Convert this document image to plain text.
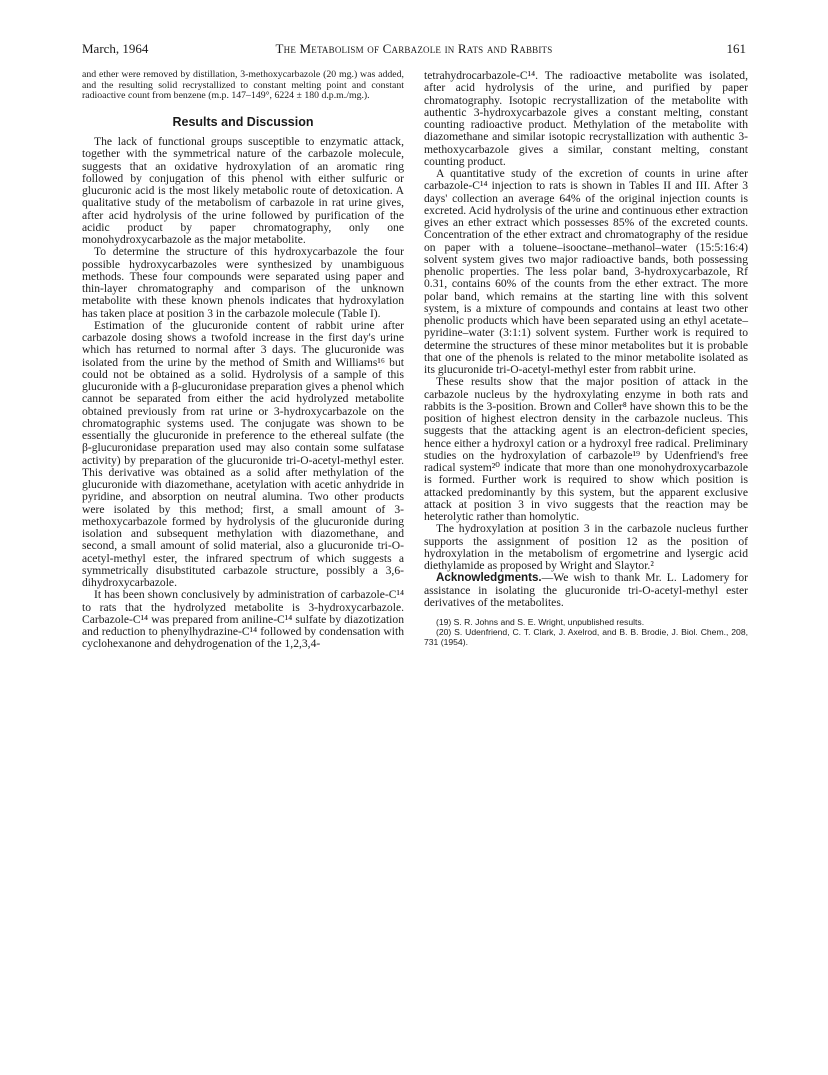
March, 1964	The Metabolism of Carbazole in Rats and Rabbits	161

and ether were removed by distillation, 3-methoxycarbazole (20 mg.) was added, and the resulting solid recrystallized to constant melting point and constant radioactive count from benzene (m.p. 147–149°, 6224 ± 180 d.p.m./mg.).

Results and Discussion

The lack of functional groups susceptible to enzymatic attack, together with the symmetrical nature of the carbazole molecule, suggests that an oxidative hydroxylation of an aromatic ring followed by conjugation of this phenol with either sulfuric or glucuronic acid is the most likely metabolic route of detoxication. A qualitative study of the metabolism of carbazole in rat urine gives, after acid hydrolysis of the urine followed by purification of the acidic product by paper chromatography, only one monohydroxycarbazole as the major metabolite.

To determine the structure of this hydroxycarbazole the four possible hydroxycarbazoles were synthesized by unambiguous methods. These four compounds were separated using paper and thin-layer chromatography and comparison of the unknown metabolite with these known phenols indicates that hydroxylation has taken place at position 3 in the carbazole molecule (Table I).

Estimation of the glucuronide content of rabbit urine after carbazole dosing shows a twofold increase in the first day's urine which has returned to normal after 3 days. The glucuronide was isolated from the urine by the method of Smith and Williams¹⁶ but could not be obtained as a solid. Hydrolysis of a sample of this glucuronide with a β-glucuronidase preparation gives a phenol which cannot be separated from either the acid hydrolyzed metabolite obtained previously from rat urine or 3-hydroxycarbazole on the chromatographic systems used. The conjugate was shown to be essentially the glucuronide in preference to the ethereal sulfate (the β-glucuronidase preparation used may also contain some sulfatase activity) by preparation of the glucuronide tri-O-acetyl-methyl ester. This derivative was obtained as a solid after methylation of the glucuronide with diazomethane, acetylation with acetic anhydride in pyridine, and absorption on neutral alumina. Two other products were isolated by this method; first, a small amount of 3-methoxycarbazole formed by hydrolysis of the glucuronide during isolation and subsequent methylation with diazomethane, and second, a small amount of solid material, also a glucuronide tri-O-acetyl-methyl ester, the infrared spectrum of which suggests a symmetrically disubstituted carbazole structure, possibly a 3,6-dihydroxycarbazole.

It has been shown conclusively by administration of carbazole-C¹⁴ to rats that the hydrolyzed metabolite is 3-hydroxycarbazole. Carbazole-C¹⁴ was prepared from aniline-C¹⁴ sulfate by diazotization and reduction to phenylhydrazine-C¹⁴ followed by condensation with cyclohexanone and dehydrogenation of the 1,2,3,4-

tetrahydrocarbazole-C¹⁴. The radioactive metabolite was isolated, after acid hydrolysis of the urine, and purified by paper chromatography. Isotopic recrystallization of the metabolite with authentic 3-hydroxycarbazole gives a constant melting, constant counting radioactive product. Methylation of the metabolite with diazomethane and similar isotopic recrystallization with authentic 3-methoxycarbazole gives a similar, constant melting, constant counting product.

A quantitative study of the excretion of counts in urine after carbazole-C¹⁴ injection to rats is shown in Tables II and III. After 3 days' collection an average 64% of the original injection counts is excreted. Acid hydrolysis of the urine and continuous ether extraction gives an ether extract which possesses 85% of the excreted counts. Concentration of the ether extract and chromatography of the residue on paper with a toluene–isooctane–methanol–water (15:5:16:4) solvent system gives two major radioactive bands, both possessing phenolic properties. The less polar band, 3-hydroxycarbazole, Rf 0.31, contains 60% of the counts from the ether extract. The more polar band, which remains at the starting line with this solvent system, is a mixture of compounds and contains at least two other phenolic products which have been separated using an ethyl acetate–pyridine–water (3:1:1) solvent system. Further work is required to determine the structures of these minor metabolites but it is probable that one of the phenols is related to the minor metabolite isolated as its glucuronide tri-O-acetyl-methyl ester from rabbit urine.

These results show that the major position of attack in the carbazole nucleus by the hydroxylating enzyme in both rats and rabbits is the 3-position. Brown and Coller⁸ have shown this to be the position of highest electron density in the carbazole nucleus. This suggests that the attacking agent is an electron-deficient species, hence either a hydroxyl cation or a hydroxyl free radical. Preliminary studies on the hydroxylation of carbazole¹⁹ by Udenfriend's free radical system²⁰ indicate that more than one monohydroxycarbazole is formed. Further work is required to show which position is attacked predominantly by this system, but the apparent exclusive attack at position 3 in vivo suggests that the reaction may be heterolytic rather than homolytic.

The hydroxylation at position 3 in the carbazole nucleus further supports the assignment of position 12 as the position of hydroxylation in the metabolism of ergometrine and lysergic acid diethylamide as proposed by Wright and Slaytor.²

Acknowledgments.—We wish to thank Mr. L. Ladomery for assistance in isolating the glucuronide tri-O-acetyl-methyl ester derivatives of the metabolites.

(19) S. R. Johns and S. E. Wright, unpublished results.

(20) S. Udenfriend, C. T. Clark, J. Axelrod, and B. B. Brodie, J. Biol. Chem., 208, 731 (1954).
